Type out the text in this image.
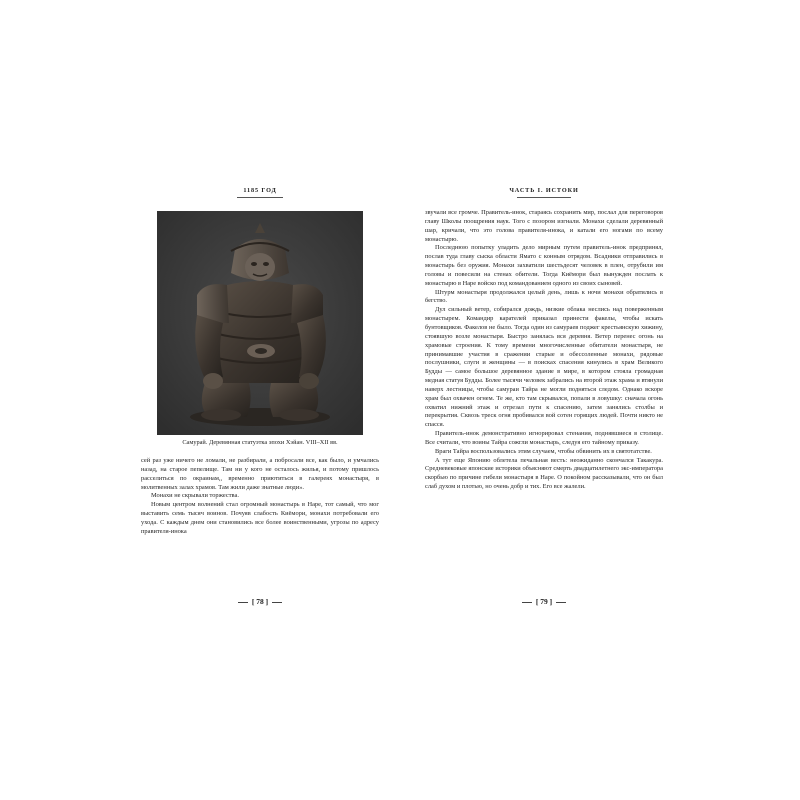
1185 ГОД
Самурай. Деревянная статуэтка эпохи Хэйан. VIII–XII вв.

сей раз уже ничего не ломали, не разбирали, а побросали все, как было, и умчались назад, на старое пепелище. Там ни у кого не осталось жилья, и потому пришлось расселиться по окраинам,, временно приютиться в галереях монастыря, в молитвенных залах храмов. Там жили даже знатные люди».

Монахи не скрывали торжества.

Новым центром волнений стал огромный монастырь в Наре, тот самый, что мог выставить семь тысяч воинов. Почуяв слабость Киёмори, монахи потребовали его ухода. С каждым днем они становились все более воинственными, угрозы по адресу правителя-инока

[ 78 ]
ЧАСТЬ I. ИСТОКИ

звучали все громче. Правитель-инок, стараясь сохранить мир, послал для переговоров главу Школы поощрения наук. Того с позором изгнали. Монахи сделали деревянный шар, кричали, что это голова правителя-инока, и катали его ногами по всему монастырю.

Последнюю попытку уладить дело мирным путем правитель-инок предпринял, послав туда главу сыска области Ямато с конным отрядом. Всадники отправились в монастырь без оружия. Монахи захватили шестьдесят человек в плен, отрубили им головы и повесили на стенах обители. Тогда Киёмори был вынужден послать к монастырю в Наре войско под командованием одного из своих сыновей.

Штурм монастыря продолжался целый день, лишь к ночи монахи обратились в бегство.

Дул сильный ветер, собирался дождь, низкие облака неслись над поверженным монастырем. Командир карателей приказал принести факелы, чтобы искать бунтовщиков. Факелов не было. Тогда один из самураев поджег крестьянскую хижину, стоявшую возле монастыря. Быстро занялась вся деревня. Ветер перенес огонь на храмовые строения. К тому времени многочисленные обитатели монастыря, не принимавшие участия в сражении старые и обессоленные монахи, рядовые послушники, слуги и женщины — в поисках спасения кинулись в храм Великого Будды — самое большое деревянное здание в мире, в котором стояла громадная медная статуя Будды. Более тысячи человек забрались на второй этаж храма и втянули наверх лестницы, чтобы самураи Тайра не могли подняться следом. Однако вскоре храм был охвачен огнем. Те же, кто там скрывался, попали в ловушку: сначала огонь охватил нижний этаж и отрезал пути к спасению, затем занялись столбы и перекрытия. Сквозь треск огня пробивался вой сотен горящих людей. Почти никто не спасся.

Правитель-инок демонстративно игнорировал стенания, поднявшиеся в столице. Все считали, что воины Тайра сожгли монастырь, следуя его тайному приказу.

Враги Тайра воспользовались этим случаем, чтобы обвинить их в святотатстве.

А тут еще Японию облетела печальная весть: неожиданно скончался Такакура. Средневековые японские историки объясняют смерть двадцатилетнего экс-императора скорбью по причине гибели монастыря в Наре. О покойном рассказывали, что он был слаб духом и плотью, но очень добр и тих. Его все жалели.

[ 79 ]
